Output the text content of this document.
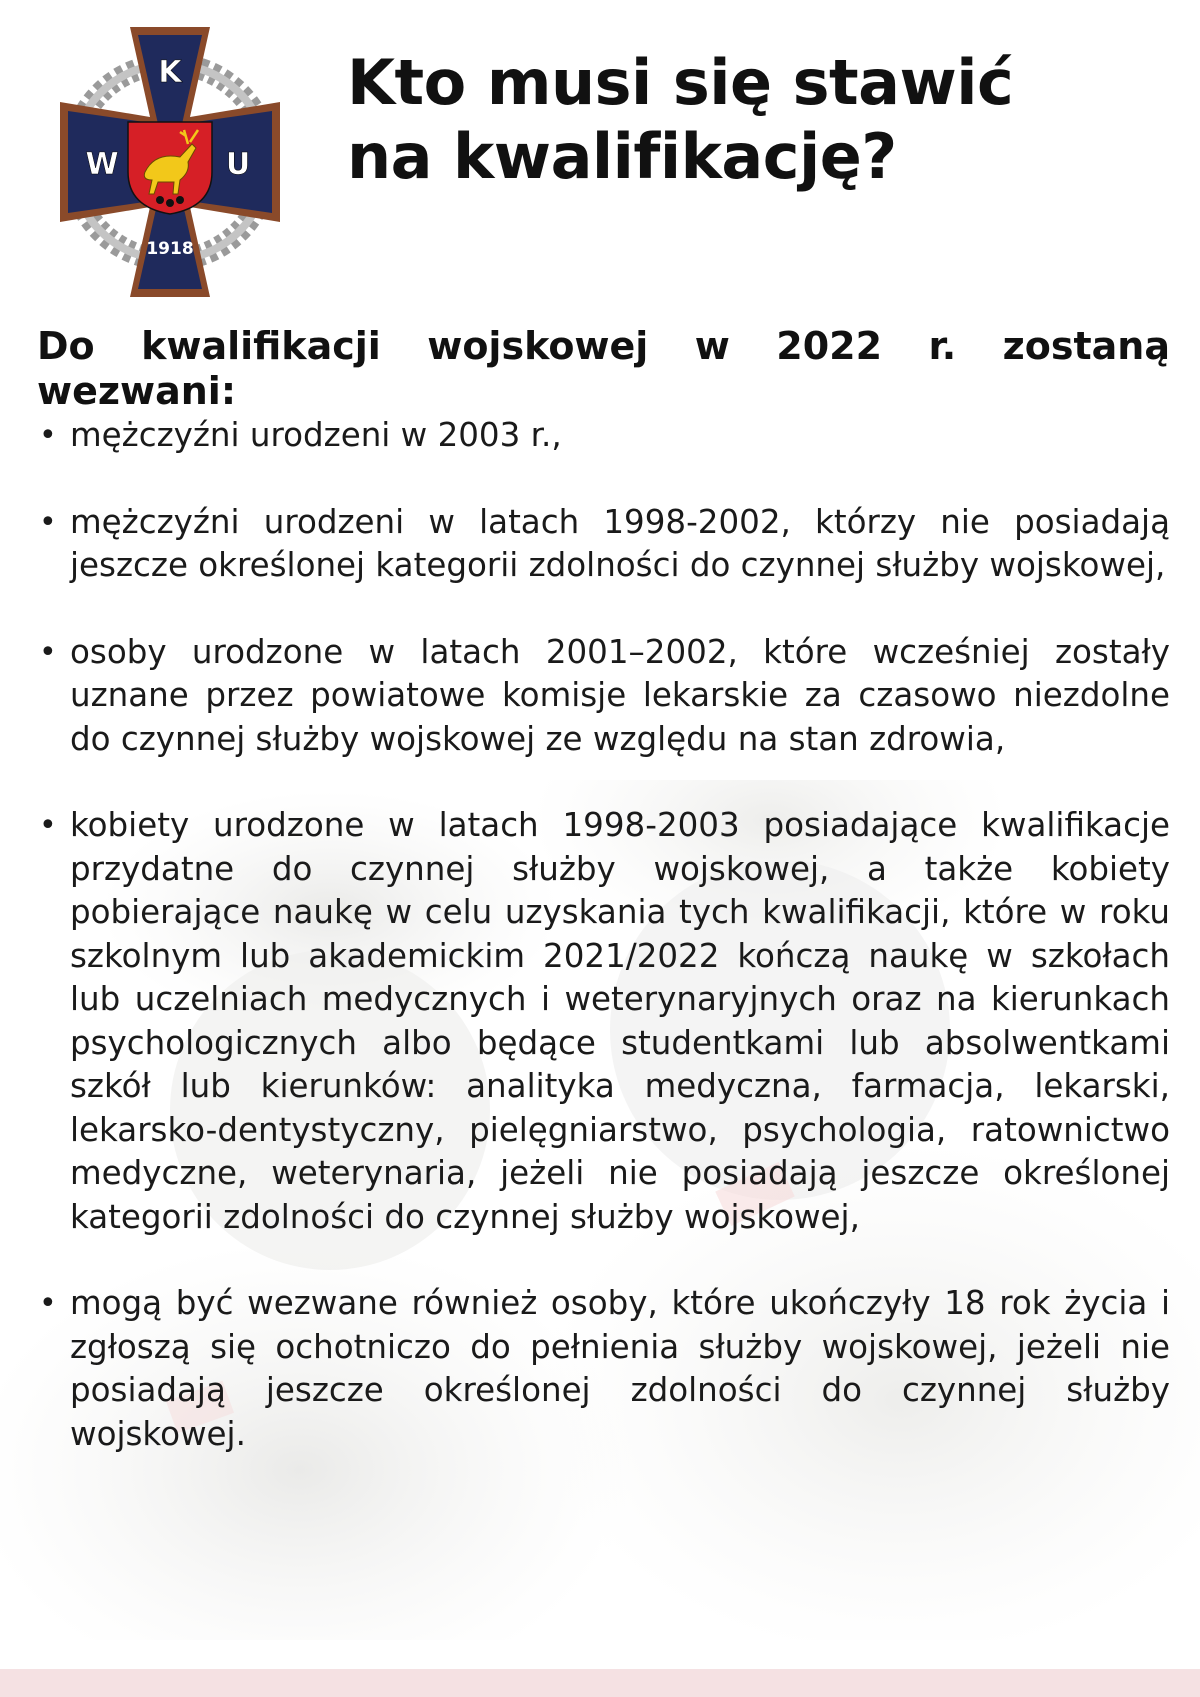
K
W	U
1918
Kto musi się stawić
na kwalifikację?

Do kwalifikacji wojskowej w 2022 r. zostaną wezwani:

• mężczyźni urodzeni w 2003 r.,
• mężczyźni urodzeni w latach 1998-2002, którzy nie posiadają jeszcze określonej kategorii zdolności do czynnej służby wojskowej,
• osoby urodzone w latach 2001–2002, które wcześniej zostały uznane przez powiatowe komisje lekarskie za czasowo niezdolne do czynnej służby wojskowej ze względu na stan zdrowia,
• kobiety urodzone w latach 1998-2003 posiadające kwalifikacje przydatne do czynnej służby wojskowej, a także kobiety pobierające naukę w celu uzyskania tych kwalifikacji, które w roku szkolnym lub akademickim 2021/2022 kończą naukę w szkołach lub uczelniach medycznych i weterynaryjnych oraz na kierunkach psychologicznych albo będące studentkami lub absolwentkami szkół lub kierunków: analityka medyczna, farmacja, lekarski, lekarsko-dentystyczny, pielęgniarstwo, psychologia, ratownictwo medyczne, weterynaria, jeżeli nie posiadają jeszcze określonej kategorii zdolności do czynnej służby wojskowej,
• mogą być wezwane również osoby, które ukończyły 18 rok życia i zgłoszą się ochotniczo do pełnienia służby wojskowej, jeżeli nie posiadają jeszcze określonej zdolności do czynnej służby wojskowej.
